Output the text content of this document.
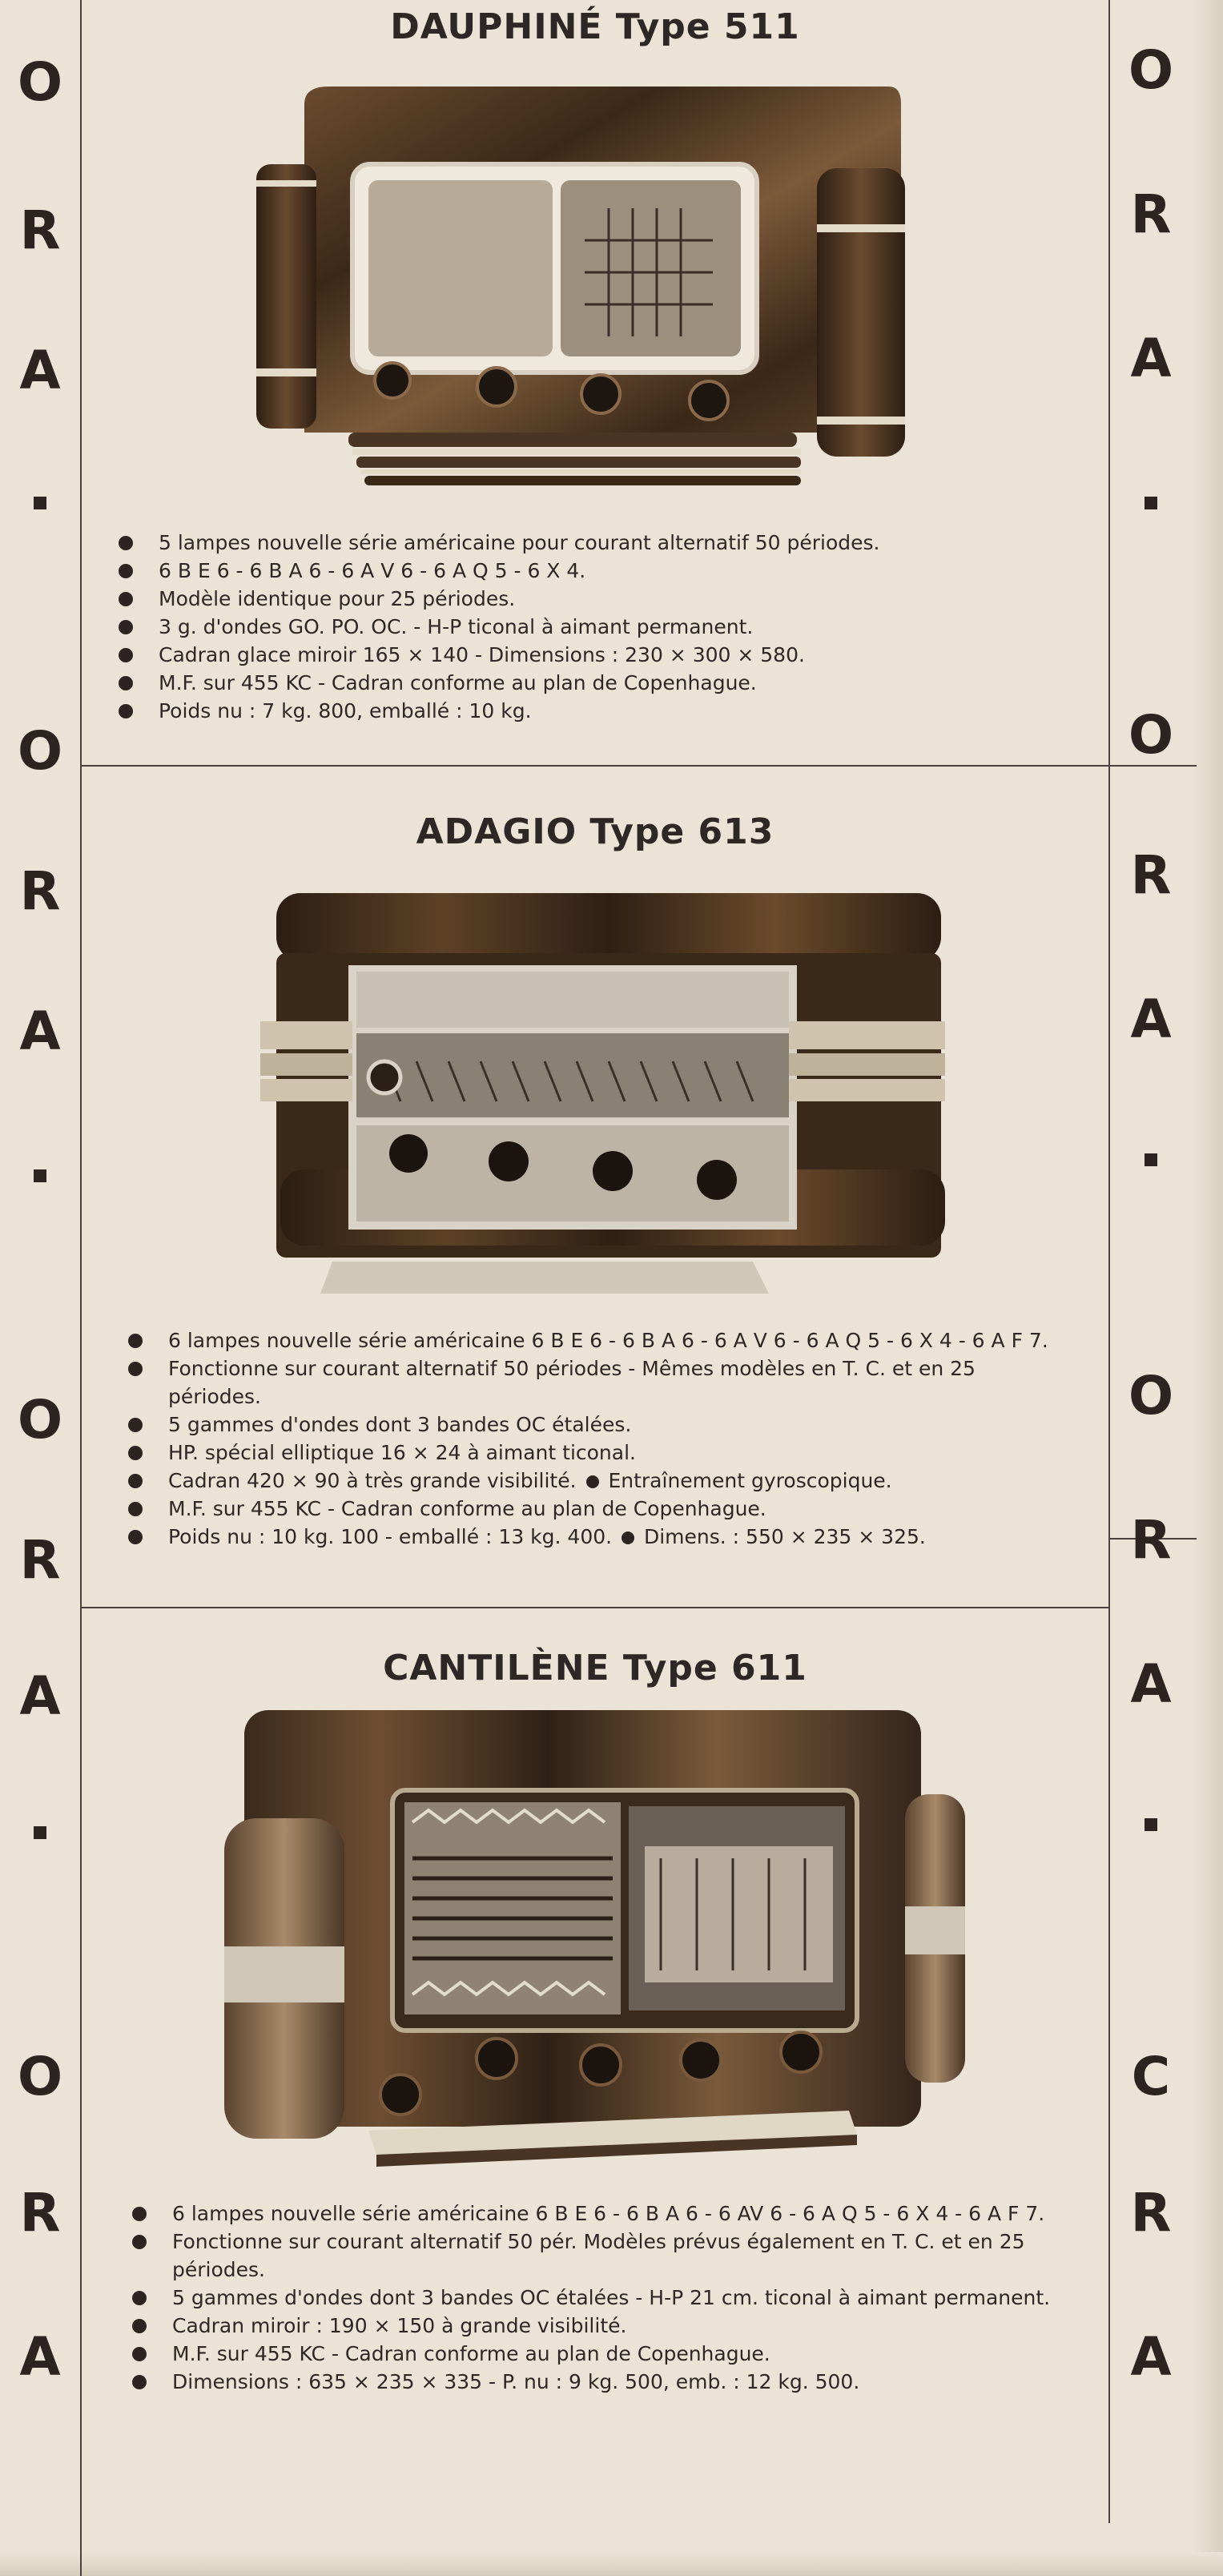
O
R
A
O
R
A
O
R
A
O
R
A
O
R
A
O
R
A
O
R
A
C
R
A
DAUPHINÉ Type 511
5 lampes nouvelle série américaine pour courant alternatif 50 périodes.
6 B E 6 - 6 B A 6 - 6 A V 6 - 6 A Q 5 - 6 X 4.
Modèle identique pour 25 périodes.
3 g. d'ondes GO. PO. OC. - H-P ticonal à aimant permanent.
Cadran glace miroir 165 × 140 - Dimensions : 230 × 300 × 580.
M.F. sur 455 KC - Cadran conforme au plan de Copenhague.
Poids nu : 7 kg. 800, emballé : 10 kg.
ADAGIO Type 613
6 lampes nouvelle série américaine 6 B E 6 - 6 B A 6 - 6 A V 6 - 6 A Q 5 - 6 X 4 - 6 A F 7.
Fonctionne sur courant alternatif 50 périodes - Mêmes modèles en T. C. et en 25 périodes.
5 gammes d'ondes dont 3 bandes OC étalées.
HP. spécial elliptique 16 × 24 à aimant ticonal.
Cadran 420 × 90 à très grande visibilité.  Entraînement gyroscopique.
M.F. sur 455 KC - Cadran conforme au plan de Copenhague.
Poids nu : 10 kg. 100 - emballé : 13 kg. 400.  Dimens. : 550 × 235 × 325.
CANTILÈNE Type 611
6 lampes nouvelle série américaine 6 B E 6 - 6 B A 6 - 6 AV 6 - 6 A Q 5 - 6 X 4 - 6 A F 7.
Fonctionne sur courant alternatif 50 pér. Modèles prévus également en T. C. et en 25 périodes.
5 gammes d'ondes dont 3 bandes OC étalées - H-P 21 cm. ticonal à aimant permanent.
Cadran miroir : 190 × 150 à grande visibilité.
M.F. sur 455 KC - Cadran conforme au plan de Copenhague.
Dimensions : 635 × 235 × 335 - P. nu : 9 kg. 500, emb. : 12 kg. 500.
